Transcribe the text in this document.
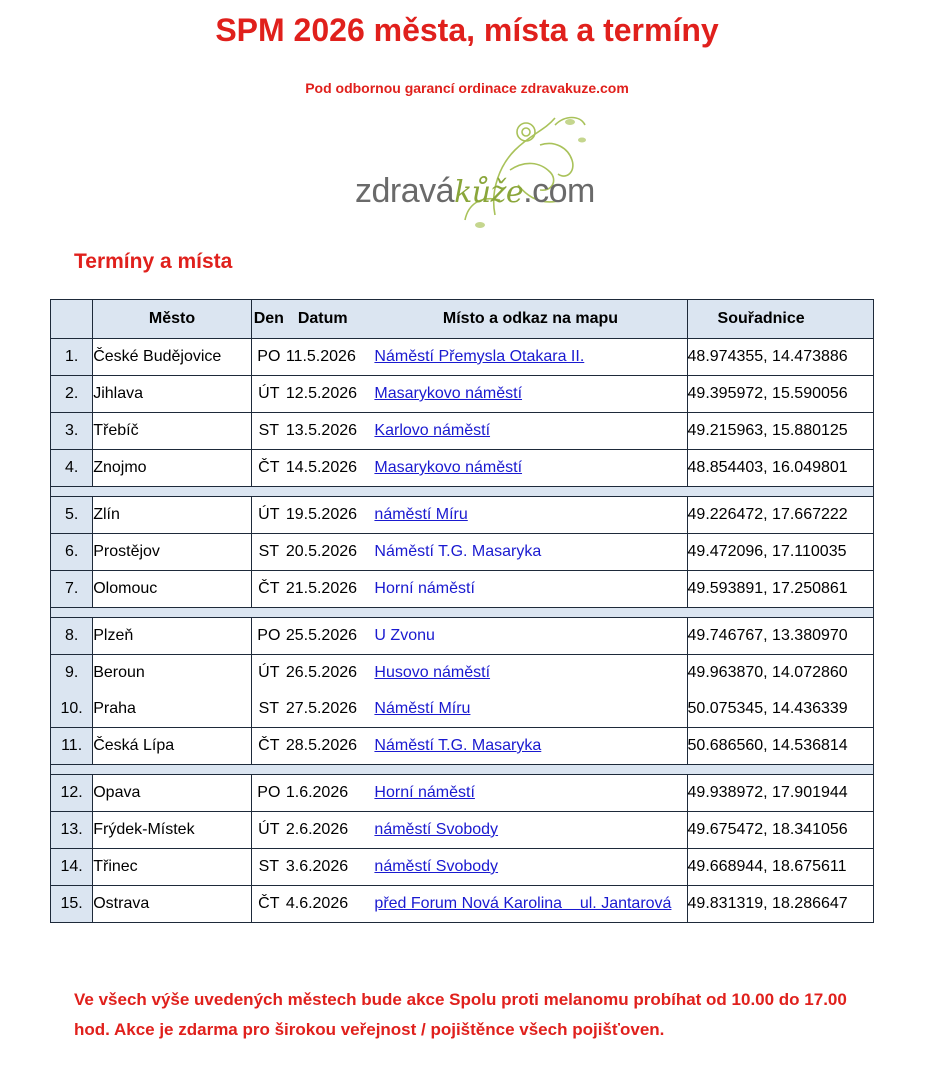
SPM 2026 města, místa a termíny
Pod odbornou garancí ordinace zdravakuze.com
zdravákůže.com
Termíny a místa
	Město	Den	Datum	Místo a odkaz na mapu	Souřadnice
1.	České Budějovice	PO	11.5.2026	Náměstí Přemysla Otakara II.	48.974355, 14.473886
2.	Jihlava	ÚT	12.5.2026	Masarykovo náměstí	49.395972, 15.590056
3.	Třebíč	ST	13.5.2026	Karlovo náměstí	49.215963, 15.880125
4.	Znojmo	ČT	14.5.2026	Masarykovo náměstí	48.854403, 16.049801

5.	Zlín	ÚT	19.5.2026	náměstí Míru	49.226472, 17.667222
6.	Prostějov	ST	20.5.2026	Náměstí T.G. Masaryka	49.472096, 17.110035
7.	Olomouc	ČT	21.5.2026	Horní náměstí	49.593891, 17.250861

8.	Plzeň	PO	25.5.2026	U Zvonu	49.746767, 13.380970
9.	Beroun	ÚT	26.5.2026	Husovo náměstí	49.963870, 14.072860
10.	Praha	ST	27.5.2026	Náměstí Míru	50.075345, 14.436339
11.	Česká Lípa	ČT	28.5.2026	Náměstí T.G. Masaryka	50.686560, 14.536814

12.	Opava	PO	1.6.2026	Horní náměstí	49.938972, 17.901944
13.	Frýdek-Místek	ÚT	2.6.2026	náměstí Svobody	49.675472, 18.341056
14.	Třinec	ST	3.6.2026	náměstí Svobody	49.668944, 18.675611
15.	Ostrava	ČT	4.6.2026	před Forum Nová Karolina    ul. Jantarová	49.831319, 18.286647
Ve všech výše uvedených městech bude akce Spolu proti melanomu probíhat od 10.00 do 17.00 hod. Akce je zdarma pro širokou veřejnost / pojištěnce všech pojišťoven.
